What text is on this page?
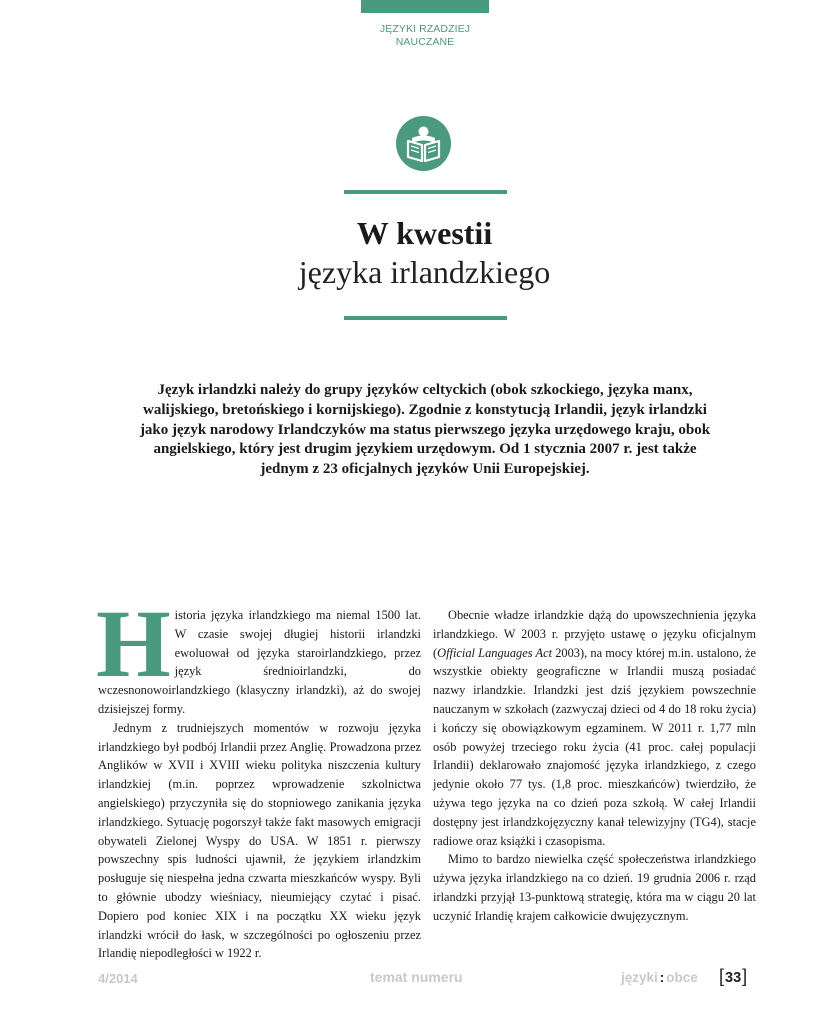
JĘZYKI RZADZIEJ
NAUCZANE
W kwestii
języka irlandzkiego
Język irlandzki należy do grupy języków celtyckich (obok szkockiego, języka manx, walijskiego, bretońskiego i kornijskiego). Zgodnie z konstytucją Irlandii, język irlandzki jako język narodowy Irlandczyków ma status pierwszego języka urzędowego kraju, obok angielskiego, który jest drugim językiem urzędowym. Od 1 stycznia 2007 r. jest także jednym z 23 oficjalnych języków Unii Europejskiej.

Historia języka irlandzkiego ma niemal 1500 lat. W czasie swojej długiej historii irlandzki ewoluował od języka staroirlandzkiego, przez język średnioirlandzki, do wczesnonowoirlandzkiego (klasyczny irlandzki), aż do swojej dzisiejszej formy.

Jednym z trudniejszych momentów w rozwoju języka irlandzkiego był podbój Irlandii przez Anglię. Prowadzona przez Anglików w XVII i XVIII wieku polityka niszczenia kultury irlandzkiej (m.in. poprzez wprowadzenie szkolnictwa angielskiego) przyczyniła się do stopniowego zanikania języka irlandzkiego. Sytuację pogorszył także fakt masowych emigracji obywateli Zielonej Wyspy do USA. W 1851 r. pierwszy powszechny spis ludności ujawnił, że językiem irlandzkim posługuje się niespełna jedna czwarta mieszkańców wyspy. Byli to głównie ubodzy wieśniacy, nieumiejący czytać i pisać. Dopiero pod koniec XIX i na początku XX wieku język irlandzki wrócił do łask, w szczególności po ogłoszeniu przez Irlandię niepodległości w 1922 r.

Obecnie władze irlandzkie dążą do upowszechnienia języka irlandzkiego. W 2003 r. przyjęto ustawę o języku oficjalnym (Official Languages Act 2003), na mocy której m.in. ustalono, że wszystkie obiekty geograficzne w Irlandii muszą posiadać nazwy irlandzkie. Irlandzki jest dziś językiem powszechnie nauczanym w szkołach (zazwyczaj dzieci od 4 do 18 roku życia) i kończy się obowiązkowym egzaminem. W 2011 r. 1,77 mln osób powyżej trzeciego roku życia (41 proc. całej populacji Irlandii) deklarowało znajomość języka irlandzkiego, z czego jedynie około 77 tys. (1,8 proc. mieszkańców) twierdziło, że używa tego języka na co dzień poza szkołą. W całej Irlandii dostępny jest irlandzkojęzyczny kanał telewizyjny (TG4), stacje radiowe oraz książki i czasopisma.

Mimo to bardzo niewielka część społeczeństwa irlandzkiego używa języka irlandzkiego na co dzień. 19 grudnia 2006 r. rząd irlandzki przyjął 13-punktową strategię, która ma w ciągu 20 lat uczynić Irlandię krajem całkowicie dwujęzycznym.

4/2014	temat numeru	języki : obce [33]
